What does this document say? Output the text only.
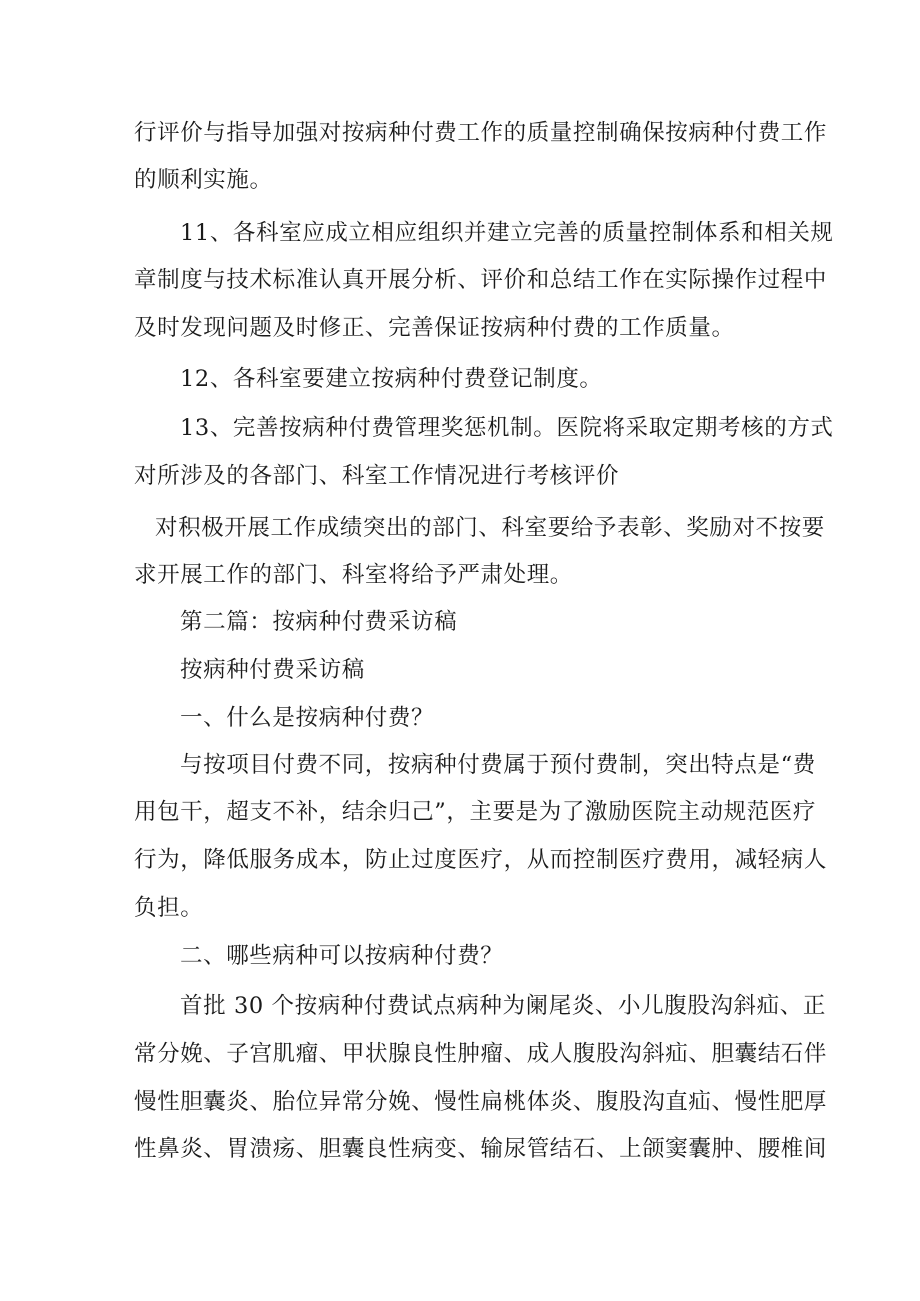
行评价与指导加强对按病种付费工作的质量控制确保按病种付费工作
的顺利实施。
11、各科室应成立相应组织并建立完善的质量控制体系和相关规
章制度与技术标准认真开展分析、评价和总结工作在实际操作过程中
及时发现问题及时修正、完善保证按病种付费的工作质量。
12、各科室要建立按病种付费登记制度。
13、完善按病种付费管理奖惩机制。医院将采取定期考核的方式
对所涉及的各部门、科室工作情况进行考核评价
对积极开展工作成绩突出的部门、科室要给予表彰、奖励对不按要
求开展工作的部门、科室将给予严肃处理。
第二篇：按病种付费采访稿
按病种付费采访稿
一、什么是按病种付费？
与按项目付费不同，按病种付费属于预付费制，突出特点是“费
用包干，超支不补，结余归己”，主要是为了激励医院主动规范医疗
行为，降低服务成本，防止过度医疗，从而控制医疗费用，减轻病人
负担。
二、哪些病种可以按病种付费？
首批 30 个按病种付费试点病种为阑尾炎、小儿腹股沟斜疝、正
常分娩、子宫肌瘤、甲状腺良性肿瘤、成人腹股沟斜疝、胆囊结石伴
慢性胆囊炎、胎位异常分娩、慢性扁桃体炎、腹股沟直疝、慢性肥厚
性鼻炎、胃溃疡、胆囊良性病变、输尿管结石、上颌窦囊肿、腰椎间
